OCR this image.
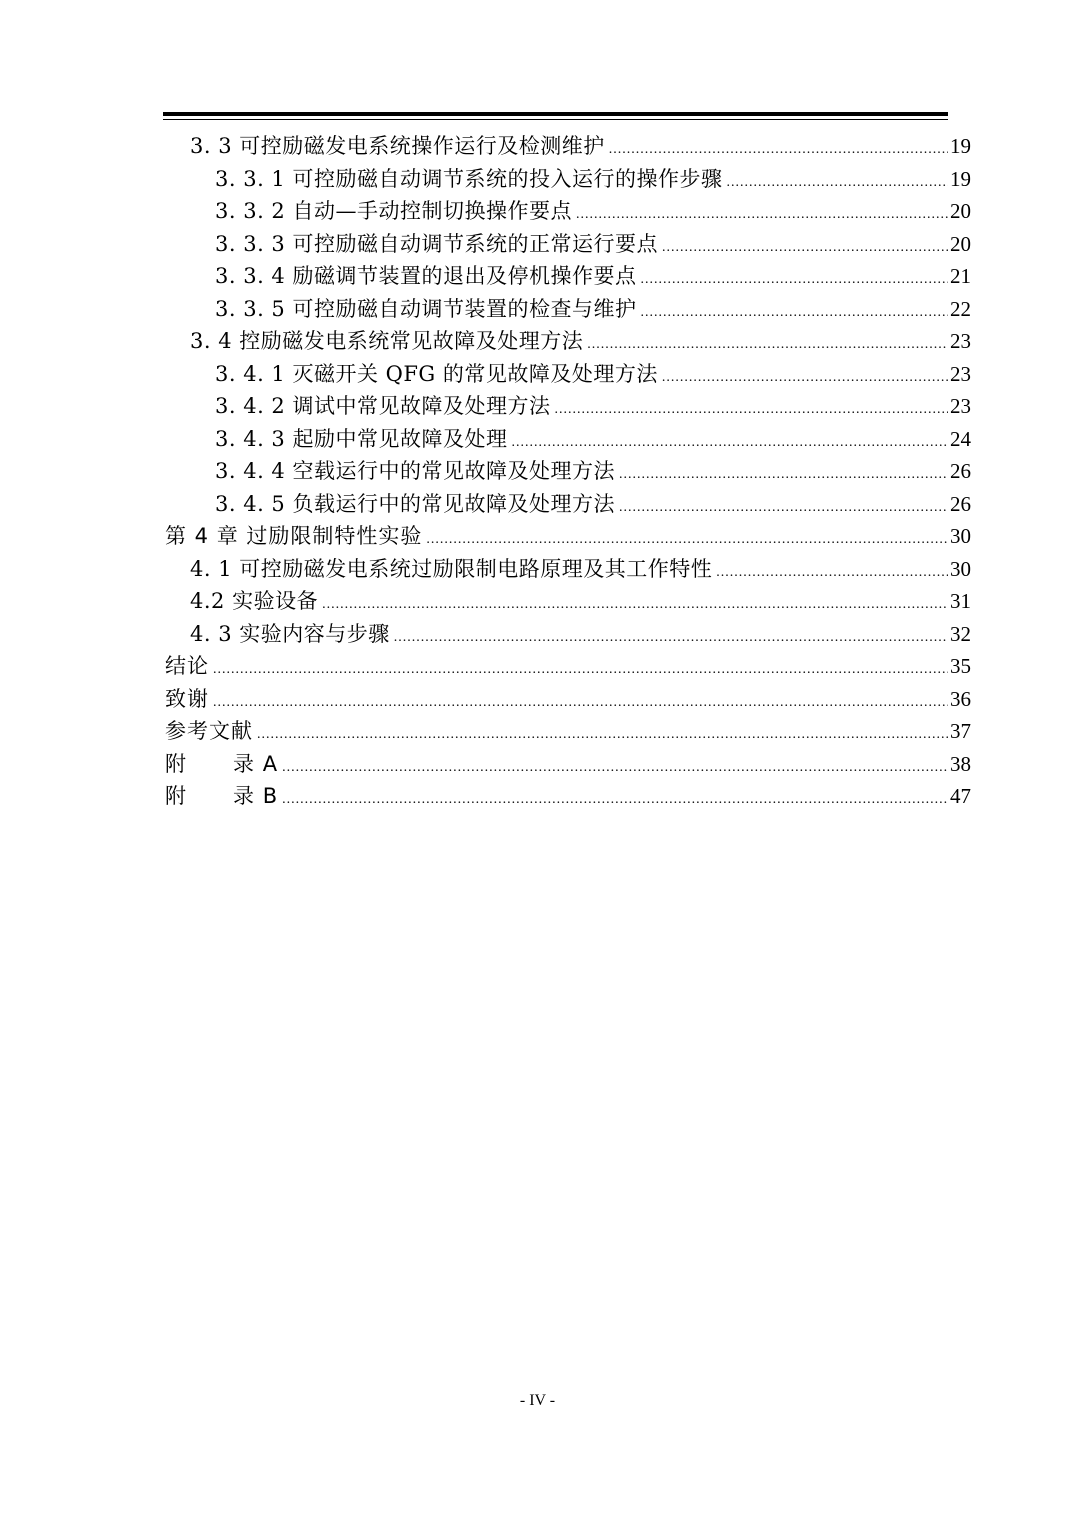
3. 3 可控励磁发电系统操作运行及检测维护 .....	19
3. 3. 1 可控励磁自动调节系统的投入运行的操作步骤 .....	19
3. 3. 2 自动—手动控制切换操作要点 .....	20
3. 3. 3 可控励磁自动调节系统的正常运行要点 .....	20
3. 3. 4 励磁调节装置的退出及停机操作要点 .....	21
3. 3. 5 可控励磁自动调节装置的检查与维护 .....	22
3. 4 控励磁发电系统常见故障及处理方法 .....	23
3. 4. 1 灭磁开关 QFG 的常见故障及处理方法 .....	23
3. 4. 2 调试中常见故障及处理方法 .....	23
3. 4. 3 起励中常见故障及处理 .....	24
3. 4. 4 空载运行中的常见故障及处理方法 .....	26
3. 4. 5 负载运行中的常见故障及处理方法 .....	26
第 4 章 过励限制特性实验 .....	30
4. 1 可控励磁发电系统过励限制电路原理及其工作特性 .....	30
4.2 实验设备 .....	31
4. 3 实验内容与步骤 .....	32
结论 .....	35
致谢 .....	36
参考文献 .....	37
附      录 A .....	38
附      录 B .....	47
- IV -
